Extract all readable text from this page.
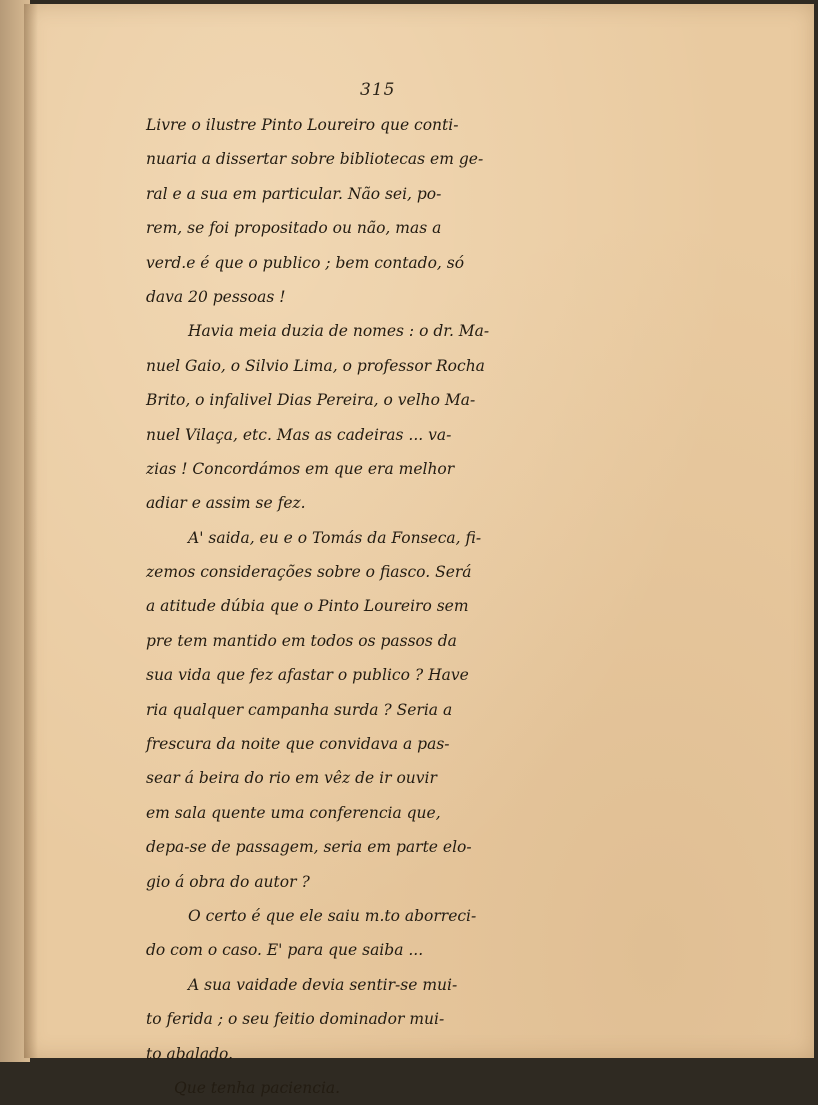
315
Livre o ilustre Pinto Loureiro que conti-
nuaria a dissertar sobre bibliotecas em ge-
ral e a sua em particular. Não sei, po-
rem, se foi propositado ou não, mas a
verd.e é que o publico ; bem contado, só
dava 20 pessoas !
Havia meia duzia de nomes : o dr. Ma-
nuel Gaio, o Silvio Lima, o professor Rocha
Brito, o infalivel Dias Pereira, o velho Ma-
nuel Vilaça, etc. Mas as cadeiras ... va-
zias ! Concordámos em que era melhor
adiar e assim se fez.
A' saida, eu e o Tomás da Fonseca, fi-
zemos considerações sobre o fiasco. Será
a atitude dúbia que o Pinto Loureiro sem
pre tem mantido em todos os passos da
sua vida que fez afastar o publico ? Have
ria qualquer campanha surda ? Seria a
frescura da noite que convidava a pas-
sear á beira do rio em vêz de ir ouvir
em sala quente uma conferencia que,
depa-se de passagem, seria em parte elo-
gio á obra do autor ?
O certo é que ele saiu m.to aborreci-
do com o caso. E' para que saiba ...
A sua vaidade devia sentir-se mui-
to ferida ; o seu feitio dominador mui-
to abalado.
Que tenha paciencia.
